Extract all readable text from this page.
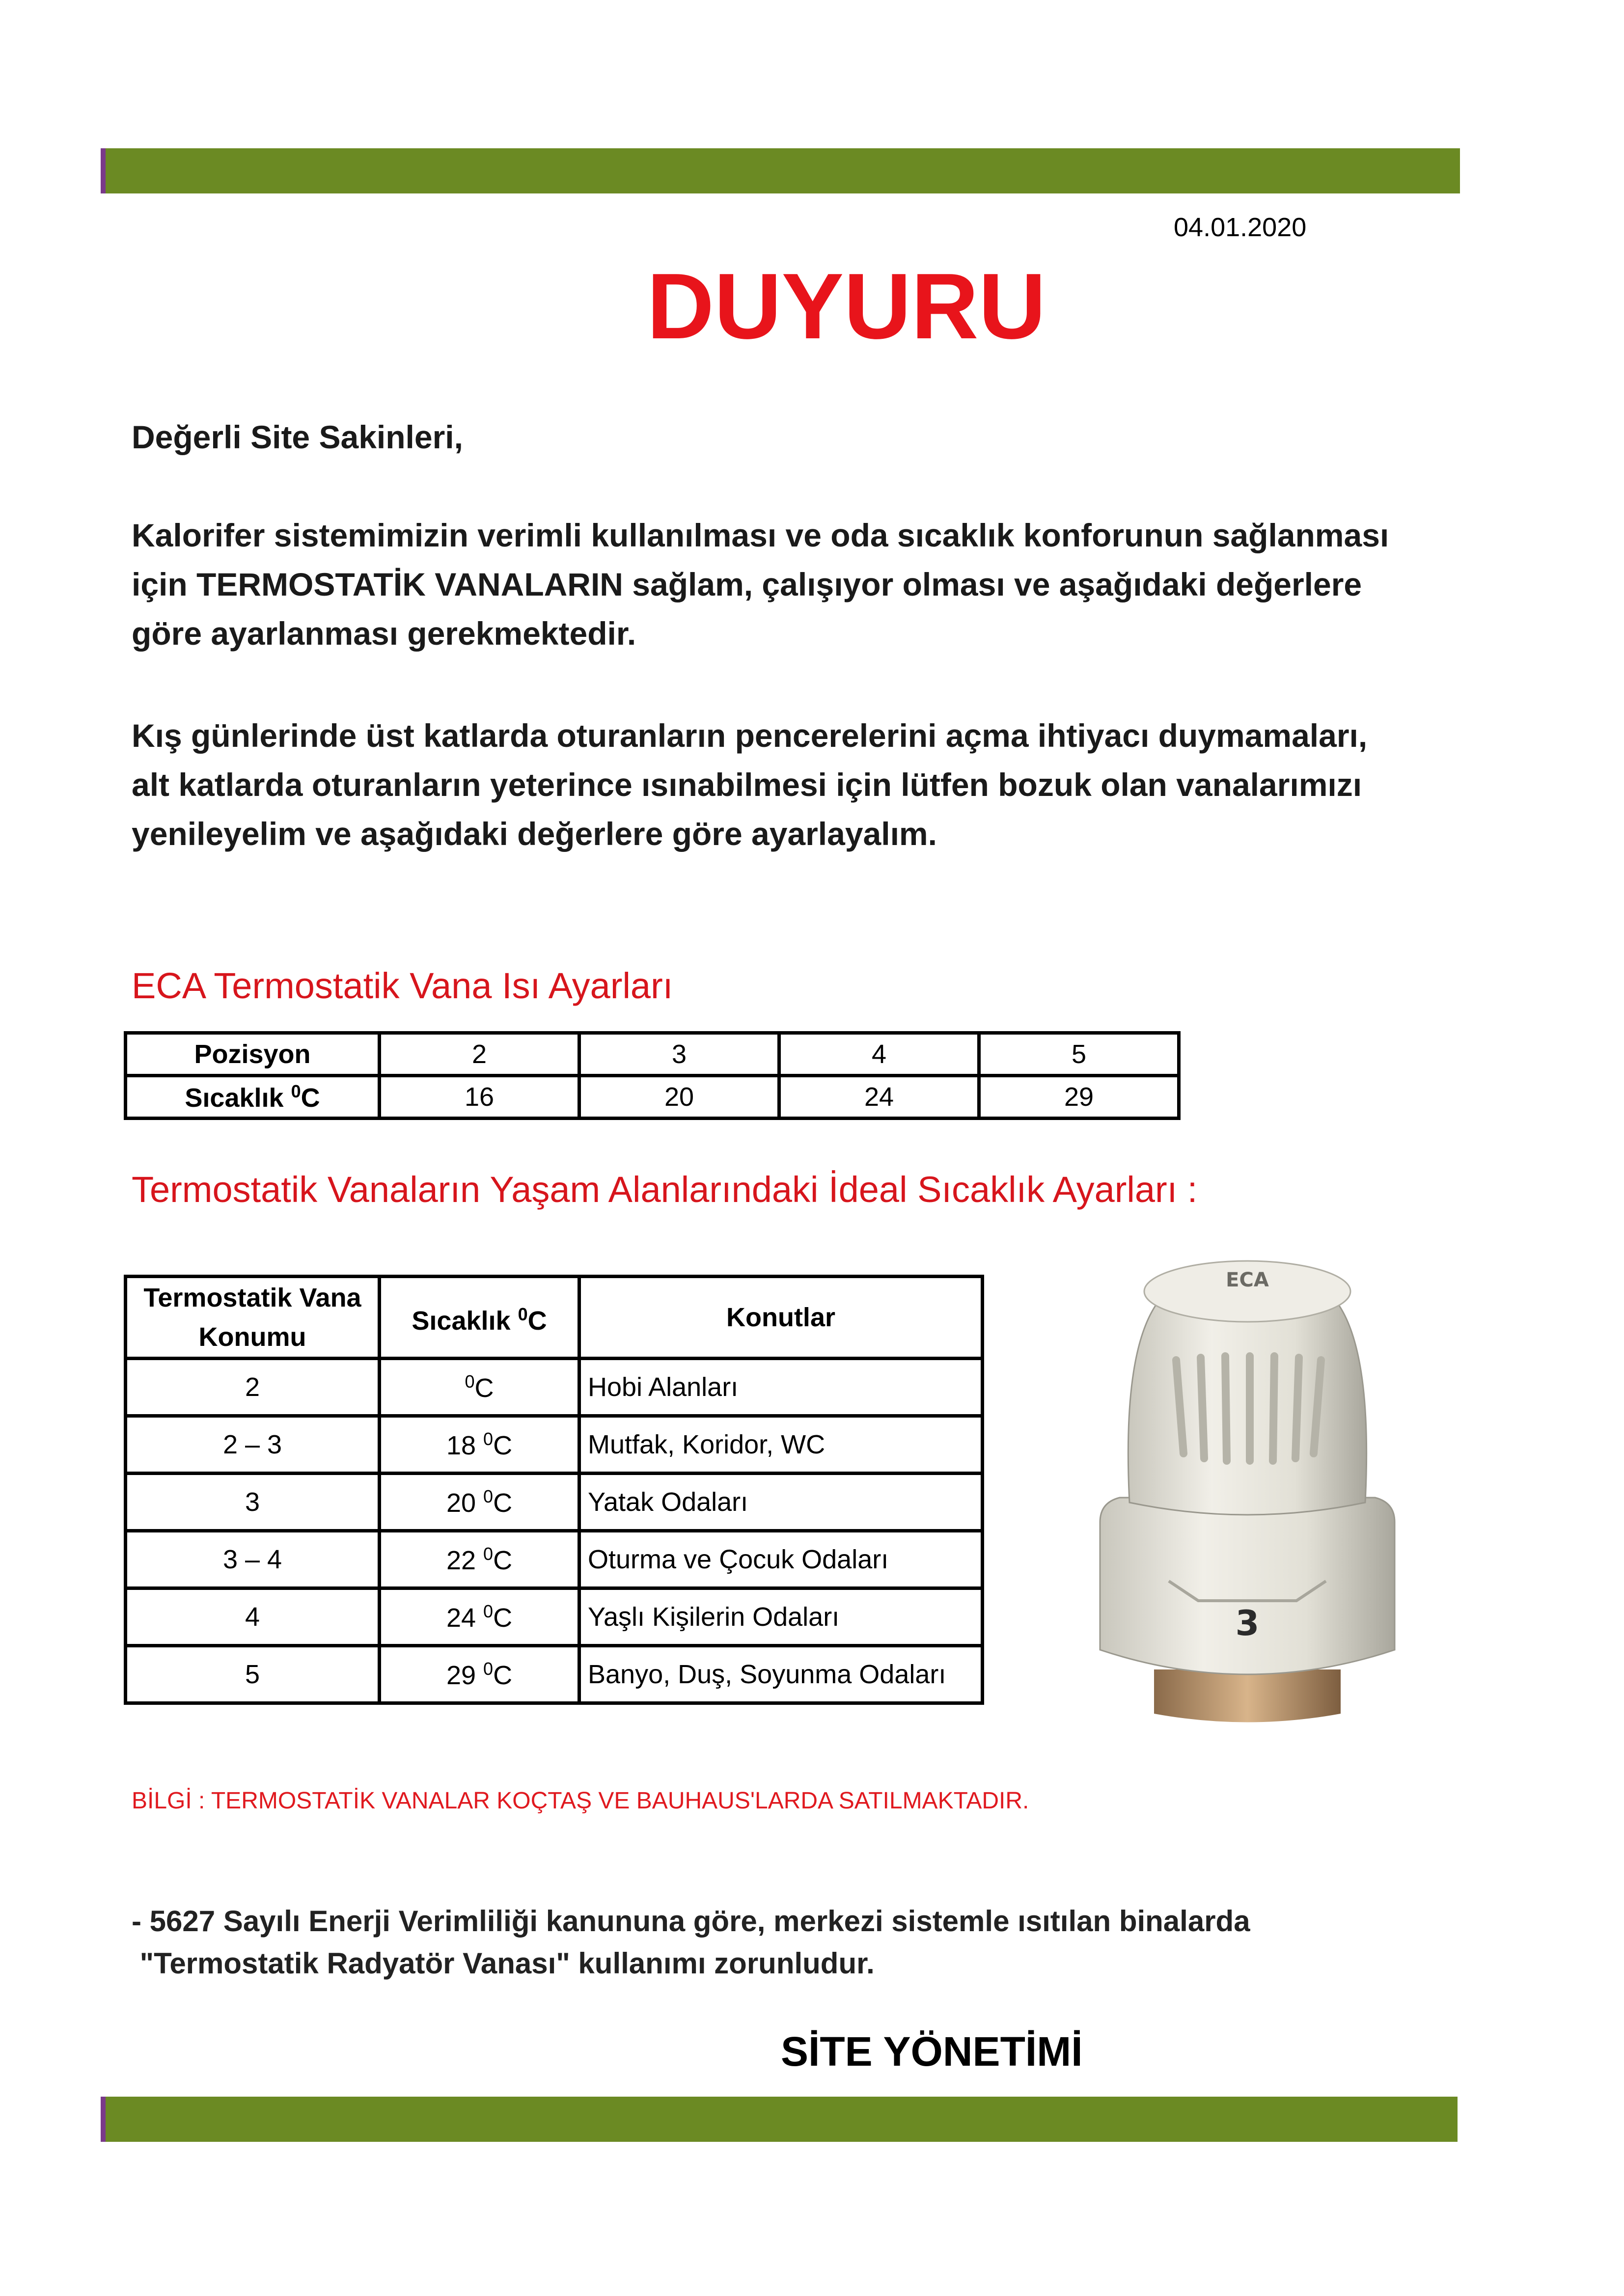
04.01.2020
DUYURU

Değerli Site Sakinleri,

Kalorifer sistemimizin verimli kullanılması ve oda sıcaklık konforunun sağlanması
için TERMOSTATİK VANALARIN sağlam, çalışıyor olması ve aşağıdaki değerlere
göre ayarlanması gerekmektedir.

Kış günlerinde üst katlarda oturanların pencerelerini açma ihtiyacı duymamaları,
alt katlarda oturanların yeterince ısınabilmesi için lütfen bozuk olan vanalarımızı
yenileyelim ve aşağıdaki değerlere göre ayarlayalım.

ECA Termostatik Vana Isı Ayarları
Pozisyon	2	3	4	5
Sıcaklık $^0$C	16	20	24	29
Termostatik Vanaların Yaşam Alanlarındaki İdeal Sıcaklık Ayarları :
Termostatik Vana
Konumu	Sıcaklık $^0$C	Konutlar
2	$^0$C	Hobi Alanları
2 – 3	18 $^0$C	Mutfak, Koridor, WC
3	20 $^0$C	Yatak Odaları
3 – 4	22 $^0$C	Oturma ve Çocuk Odaları
4	24 $^0$C	Yaşlı Kişilerin Odaları
5	29 $^0$C	Banyo, Duş, Soyunma Odaları
ECA
3

BİLGİ : TERMOSTATİK VANALAR KOÇTAŞ VE BAUHAUS'LARDA SATILMAKTADIR.

- 5627 Sayılı Enerji Verimliliği kanununa göre, merkezi sistemle ısıtılan binalarda
"Termostatik Radyatör Vanası" kullanımı zorunludur.

SİTE YÖNETİMİ
